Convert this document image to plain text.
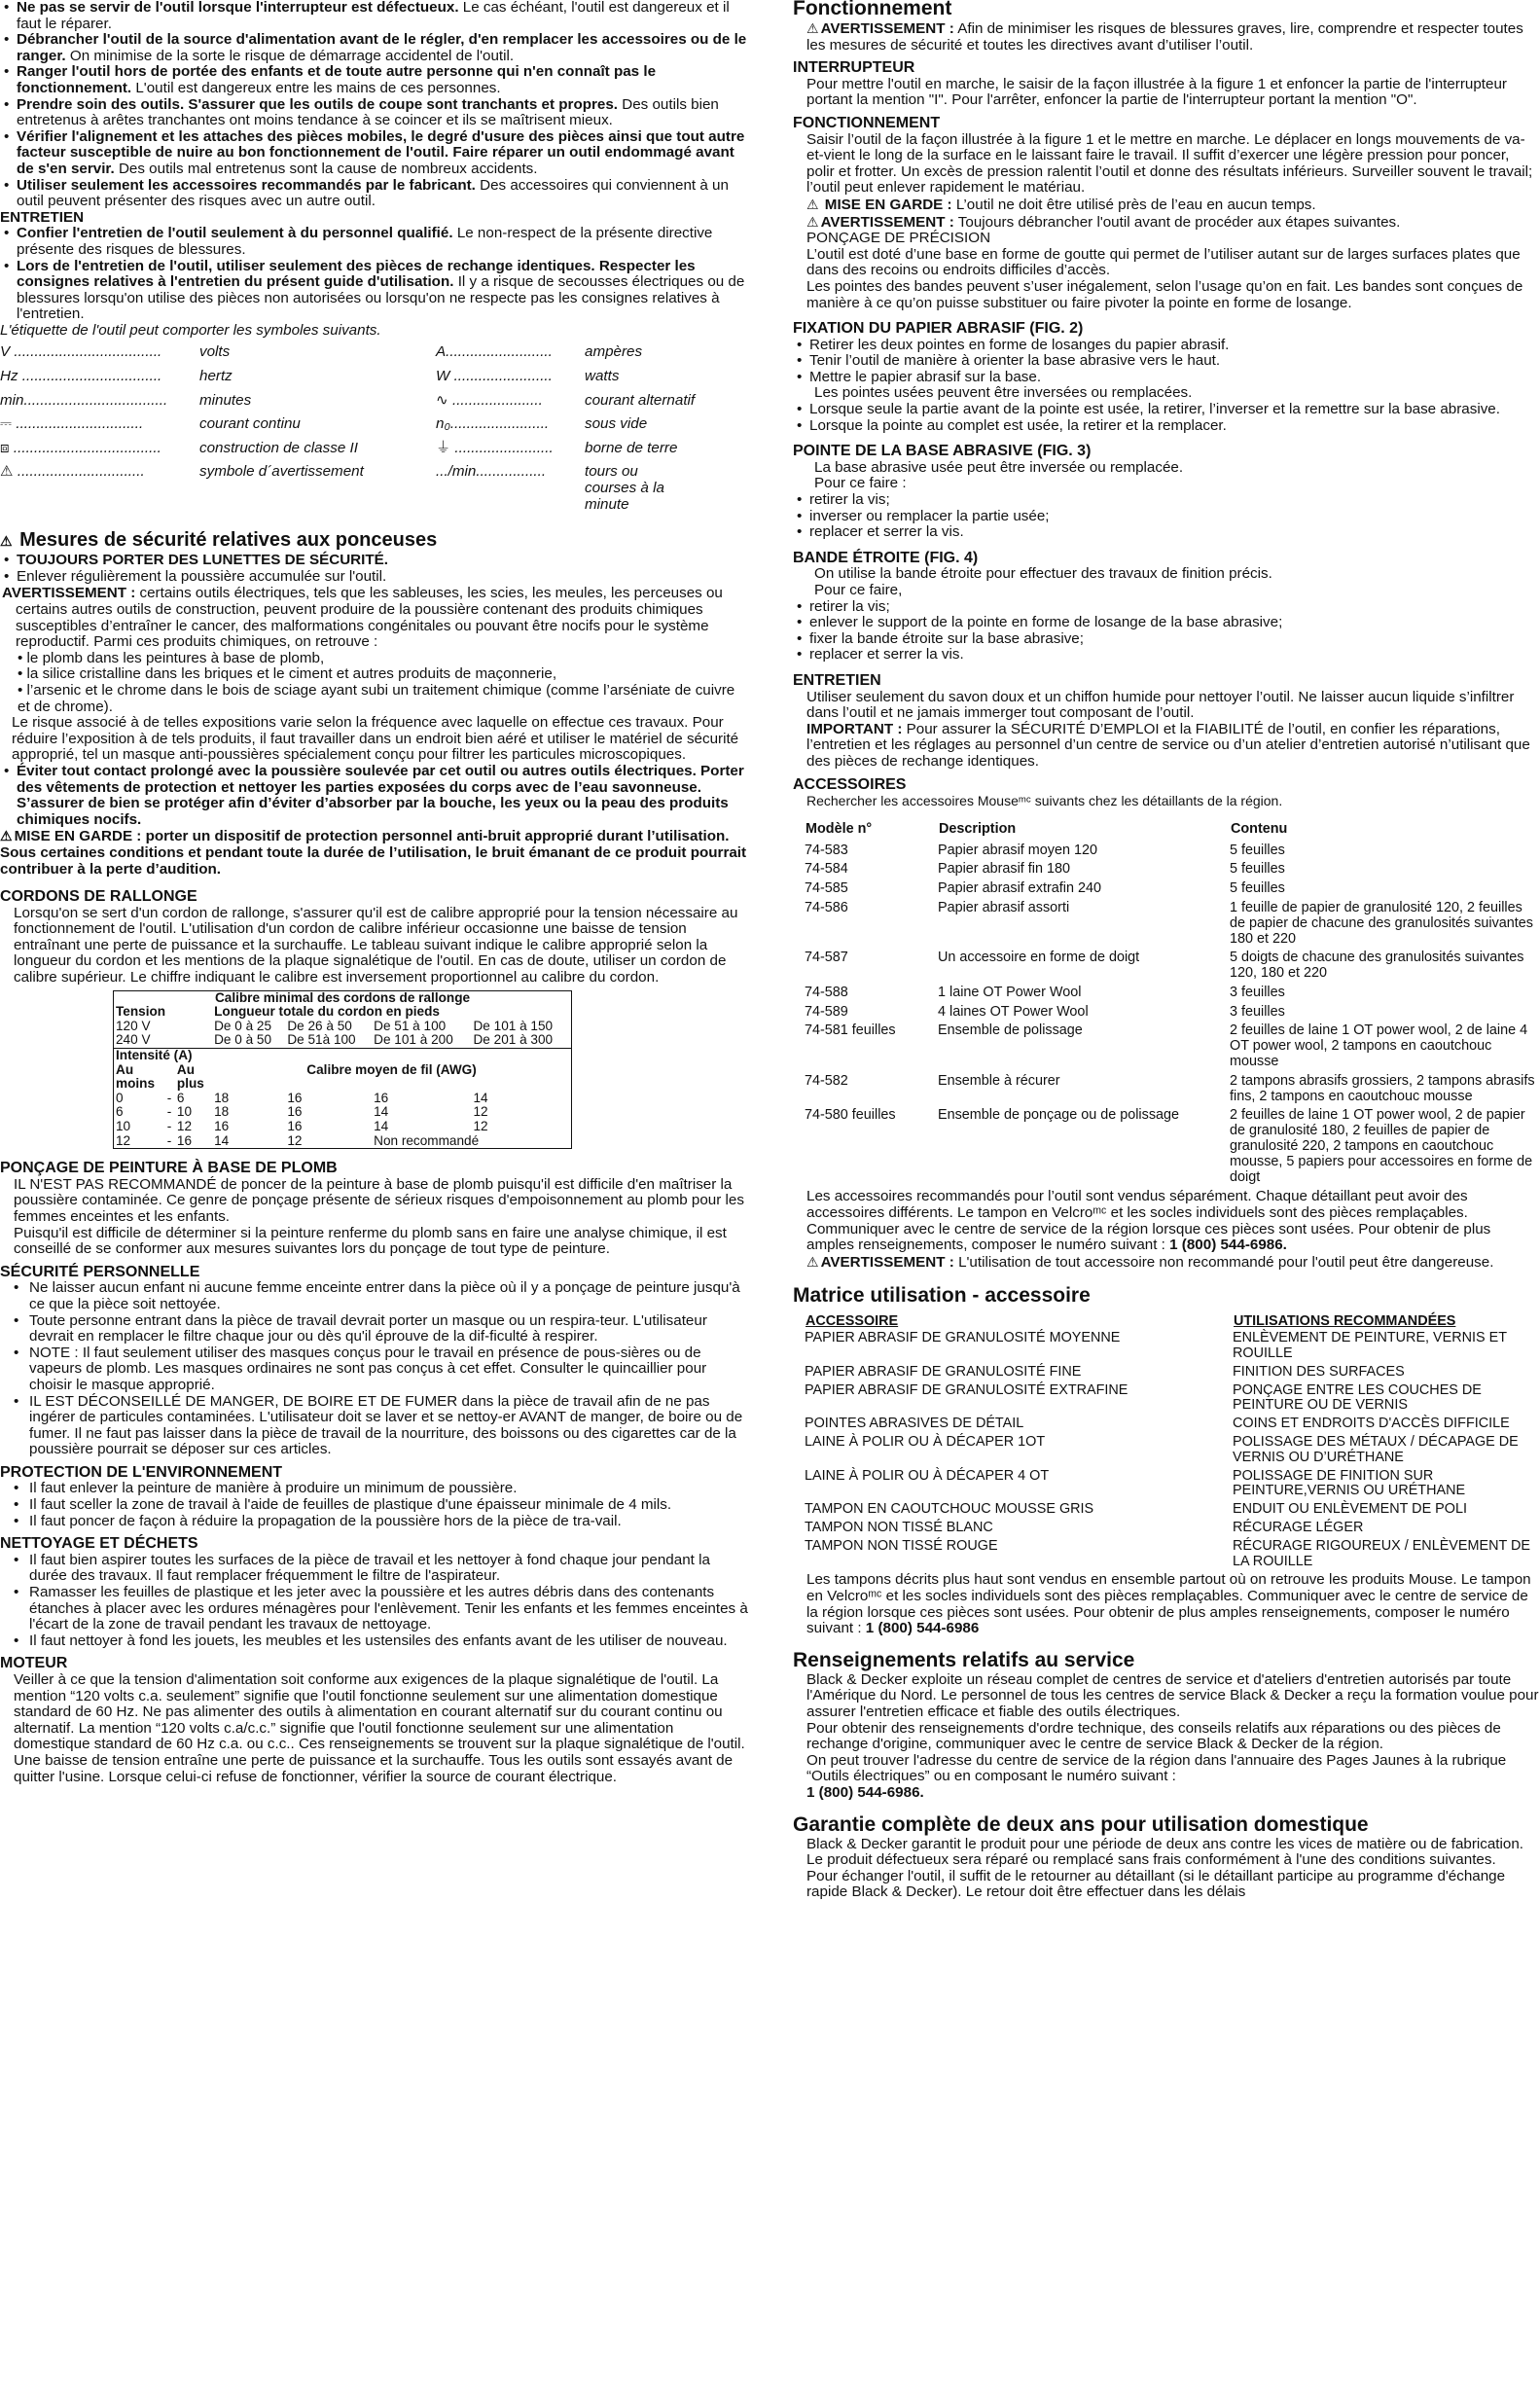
• Ne pas se servir de l'outil lorsque l'interrupteur est défectueux. Le cas échéant, l'outil est dangereux et il faut le réparer.

• Débrancher l'outil de la source d'alimentation avant de le régler, d'en remplacer les accessoires ou de le ranger. On minimise de la sorte le risque de démarrage accidentel de l'outil.

• Ranger l'outil hors de portée des enfants et de toute autre personne qui n'en connaît pas le fonctionnement. L'outil est dangereux entre les mains de ces personnes.

• Prendre soin des outils. S'assurer que les outils de coupe sont tranchants et propres. Des outils bien entretenus à arêtes tranchantes ont moins tendance à se coincer et ils se maîtrisent mieux.

• Vérifier l'alignement et les attaches des pièces mobiles, le degré d'usure des pièces ainsi que tout autre facteur susceptible de nuire au bon fonctionnement de l'outil. Faire réparer un outil endommagé avant de s'en servir. Des outils mal entretenus sont la cause de nombreux accidents.

• Utiliser seulement les accessoires recommandés par le fabricant. Des accessoires qui conviennent à un outil peuvent présenter des risques avec un autre outil.

ENTRETIEN

• Confier l'entretien de l'outil seulement à du personnel qualifié. Le non-respect de la présente directive présente des risques de blessures.

• Lors de l'entretien de l'outil, utiliser seulement des pièces de rechange identiques. Respecter les consignes relatives à l'entretien du présent guide d'utilisation. Il y a risque de secousses électriques ou de blessures lorsqu'on utilise des pièces non autorisées ou lorsqu'on ne respecte pas les consignes relatives à l'entretien.

L'étiquette de l'outil peut comporter les symboles suivants.

V ....................................	volts	A..........................	ampères
Hz ..................................	hertz	W ........................	watts
min...................................	minutes	∿ ......................	courant alternatif
⎓ ...............................	courant continu	n₀........................	sous vide
⧈ ....................................	construction de classe II	⏚ ........................	borne de terre
⚠ ...............................	symbole d´avertissement	.../min.................	tours ou courses à la minute

⚠ Mesures de sécurité relatives aux ponceuses

• TOUJOURS PORTER DES LUNETTES DE SÉCURITÉ.

• Enlever régulièrement la poussière accumulée sur l'outil.

AVERTISSEMENT : certains outils électriques, tels que les sableuses, les scies, les meules, les perceuses ou certains autres outils de construction, peuvent produire de la poussière contenant des produits chimiques susceptibles d’entraîner le cancer, des malformations congénitales ou pouvant être nocifs pour le système reproductif. Parmi ces produits chimiques, on retrouve :

• le plomb dans les peintures à base de plomb,

• la silice cristalline dans les briques et le ciment et autres produits de maçonnerie,

• l’arsenic et le chrome dans le bois de sciage ayant subi un traitement chimique (comme l’arséniate de cuivre et de chrome).

Le risque associé à de telles expositions varie selon la fréquence avec laquelle on effectue ces travaux. Pour réduire l’exposition à de tels produits, il faut travailler dans un endroit bien aéré et utiliser le matériel de sécurité approprié, tel un masque anti-poussières spécialement conçu pour filtrer les particules microscopiques.

• Éviter tout contact prolongé avec la poussière soulevée par cet outil ou autres outils électriques. Porter des vêtements de protection et nettoyer les parties exposées du corps avec de l’eau savonneuse. S’assurer de bien se protéger afin d’éviter d’absorber par la bouche, les yeux ou la peau des produits chimiques nocifs.

⚠ MISE EN GARDE : porter un dispositif de protection personnel anti-bruit approprié durant l’utilisation. Sous certaines conditions et pendant toute la durée de l’utilisation, le bruit émanant de ce produit pourrait contribuer à la perte d’audition.

CORDONS DE RALLONGE

Lorsqu'on se sert d'un cordon de rallonge, s'assurer qu'il est de calibre approprié pour la tension nécessaire au fonctionnement de l'outil. L'utilisation d'un cordon de calibre inférieur occasionne une baisse de tension entraînant une perte de puissance et la surchauffe. Le tableau suivant indique le calibre approprié selon la longueur du cordon et les mentions de la plaque signalétique de l'outil. En cas de doute, utiliser un cordon de calibre supérieur. Le chiffre indiquant le calibre est inversement proportionnel au calibre du cordon.

Calibre minimal des cordons de rallonge						
Tension			Longueur totale du cordon en pieds			
120 V			De 0 à 25	De 26 à 50	De 51 à 100	De 101 à 150
240 V			De 0 à 50	De 51à 100	De 101 à 200	De 201 à 300
Intensité (A)						
Au		Au	Calibre moyen de fil (AWG)			
moins		plus				
0	-	6	18	16	16	14
6	-	10	18	16	14	12
10	-	12	16	16	14	12
12	-	16	14	12	Non recommandé	

PONÇAGE DE PEINTURE À BASE DE PLOMB

IL N'EST PAS RECOMMANDÉ de poncer de la peinture à base de plomb puisqu'il est difficile d'en maîtriser la poussière contaminée. Ce genre de ponçage présente de sérieux risques d'empoisonnement au plomb pour les femmes enceintes et les enfants.

Puisqu'il est difficile de déterminer si la peinture renferme du plomb sans en faire une analyse chimique, il est conseillé de se conformer aux mesures suivantes lors du ponçage de tout type de peinture.

SÉCURITÉ PERSONNELLE

• Ne laisser aucun enfant ni aucune femme enceinte entrer dans la pièce où il y a ponçage de peinture jusqu'à ce que la pièce soit nettoyée.

• Toute personne entrant dans la pièce de travail devrait porter un masque ou un respira-teur. L'utilisateur devrait en remplacer le filtre chaque jour ou dès qu'il éprouve de la dif-ficulté à respirer.

• NOTE : Il faut seulement utiliser des masques conçus pour le travail en présence de pous-sières ou de vapeurs de plomb. Les masques ordinaires ne sont pas conçus à cet effet. Consulter le quincaillier pour choisir le masque approprié.

• IL EST DÉCONSEILLÉ DE MANGER, DE BOIRE ET DE FUMER dans la pièce de travail afin de ne pas ingérer de particules contaminées. L'utilisateur doit se laver et se nettoy-er AVANT de manger, de boire ou de fumer. Il ne faut pas laisser dans la pièce de travail de la nourriture, des boissons ou des cigarettes car de la poussière pourrait se déposer sur ces articles.

PROTECTION DE L'ENVIRONNEMENT

• Il faut enlever la peinture de manière à produire un minimum de poussière.

• Il faut sceller la zone de travail à l'aide de feuilles de plastique d'une épaisseur minimale de 4 mils.

• Il faut poncer de façon à réduire la propagation de la poussière hors de la pièce de tra-vail.

NETTOYAGE ET DÉCHETS

• Il faut bien aspirer toutes les surfaces de la pièce de travail et les nettoyer à fond chaque jour pendant la durée des travaux. Il faut remplacer fréquemment le filtre de l'aspirateur.

• Ramasser les feuilles de plastique et les jeter avec la poussière et les autres débris dans des contenants étanches à placer avec les ordures ménagères pour l'enlèvement. Tenir les enfants et les femmes enceintes à l'écart de la zone de travail pendant les travaux de nettoyage.

• Il faut nettoyer à fond les jouets, les meubles et les ustensiles des enfants avant de les utiliser de nouveau.

MOTEUR

Veiller à ce que la tension d'alimentation soit conforme aux exigences de la plaque signalétique de l'outil. La mention “120 volts c.a. seulement” signifie que l'outil fonctionne seulement sur une alimentation domestique standard de 60 Hz. Ne pas alimenter des outils à alimentation en courant alternatif sur du courant continu ou alternatif. La mention “120 volts c.a/c.c.” signifie que l'outil fonctionne seulement sur une alimentation domestique standard de 60 Hz c.a. ou c.c.. Ces renseignements se trouvent sur la plaque signalétique de l'outil. Une baisse de tension entraîne une perte de puissance et la surchauffe. Tous les outils sont essayés avant de quitter l'usine. Lorsque celui-ci refuse de fonctionner, vérifier la source de courant électrique.

Fonctionnement

⚠ AVERTISSEMENT : Afin de minimiser les risques de blessures graves, lire, comprendre et respecter toutes les mesures de sécurité et toutes les directives avant d’utiliser l’outil.

INTERRUPTEUR

Pour mettre l'outil en marche, le saisir de la façon illustrée à la figure 1 et enfoncer la partie de l'interrupteur portant la mention "I". Pour l'arrêter, enfoncer la partie de l'interrupteur portant la mention "O".

FONCTIONNEMENT

Saisir l’outil de la façon illustrée à la figure 1 et le mettre en marche. Le déplacer en longs mouvements de va-et-vient le long de la surface en le laissant faire le travail. Il suffit d’exercer une légère pression pour poncer, polir et frotter. Un excès de pression ralentit l’outil et donne des résultats inférieurs. Surveiller souvent le travail; l’outil peut enlever rapidement le matériau.

⚠ MISE EN GARDE : L’outil ne doit être utilisé près de l’eau en aucun temps.

⚠ AVERTISSEMENT : Toujours débrancher l'outil avant de procéder aux étapes suivantes.

PONÇAGE DE PRÉCISION

L’outil est doté d’une base en forme de goutte qui permet de l’utiliser autant sur de larges surfaces plates que dans des recoins ou endroits difficiles d’accès.

Les pointes des bandes peuvent s’user inégalement, selon l’usage qu’on en fait. Les bandes sont conçues de manière à ce qu’on puisse substituer ou faire pivoter la pointe en forme de losange.

FIXATION DU PAPIER ABRASIF (FIG. 2)

• Retirer les deux pointes en forme de losanges du papier abrasif.

• Tenir l’outil de manière à orienter la base abrasive vers le haut.

• Mettre le papier abrasif sur la base.

Les pointes usées peuvent être inversées ou remplacées.

• Lorsque seule la partie avant de la pointe est usée, la retirer, l’inverser et la remettre sur la base abrasive.

• Lorsque la pointe au complet est usée, la retirer et la remplacer.

POINTE DE LA BASE ABRASIVE (FIG. 3)

La base abrasive usée peut être inversée ou remplacée.

Pour ce faire :

• retirer la vis;

• inverser ou remplacer la partie usée;

• replacer et serrer la vis.

BANDE ÉTROITE (FIG. 4)

On utilise la bande étroite pour effectuer des travaux de finition précis.

Pour ce faire,

• retirer la vis;

• enlever le support de la pointe en forme de losange de la base abrasive;

• fixer la bande étroite sur la base abrasive;

• replacer et serrer la vis.

ENTRETIEN

Utiliser seulement du savon doux et un chiffon humide pour nettoyer l’outil. Ne laisser aucun liquide s’infiltrer dans l’outil et ne jamais immerger tout composant de l’outil.

IMPORTANT : Pour assurer la SÉCURITÉ D’EMPLOI et la FIABILITÉ de l’outil, en confier les réparations, l’entretien et les réglages au personnel d’un centre de service ou d’un atelier d’entretien autorisé n’utilisant que des pièces de rechange identiques.

ACCESSOIRES

Rechercher les accessoires Mouseᵐᶜ suivants chez les détaillants de la région.

Modèle n°	Description	Contenu
74-583	Papier abrasif moyen 120	5 feuilles
74-584	Papier abrasif fin 180	5 feuilles
74-585	Papier abrasif extrafin 240	5 feuilles
74-586	Papier abrasif assorti	1 feuille de papier de granulosité 120, 2 feuilles de papier de chacune des granulosités suivantes 180 et 220
74-587	Un accessoire en forme de doigt	5 doigts de chacune des granulosités suivantes 120, 180 et 220
74-588	1 laine OT Power Wool	3 feuilles
74-589	4 laines OT Power Wool	3 feuilles
74-581 feuilles	Ensemble de polissage	2 feuilles de laine 1 OT power wool, 2 de laine 4 OT power wool, 2 tampons en caoutchouc mousse
74-582	Ensemble à récurer	2 tampons abrasifs grossiers, 2 tampons abrasifs fins, 2 tampons en caoutchouc mousse
74-580 feuilles	Ensemble de ponçage ou de polissage	2 feuilles de laine 1 OT power wool, 2 de papier de granulosité 180, 2 feuilles de papier de granulosité 220, 2 tampons en caoutchouc mousse, 5 papiers pour accessoires en forme de doigt

Les accessoires recommandés pour l’outil sont vendus séparément. Chaque détaillant peut avoir des accessoires différents. Le tampon en Velcroᵐᶜ et les socles individuels sont des pièces remplaçables. Communiquer avec le centre de service de la région lorsque ces pièces sont usées. Pour obtenir de plus amples renseignements, composer le numéro suivant : 1 (800) 544-6986.

⚠ AVERTISSEMENT : L'utilisation de tout accessoire non recommandé pour l'outil peut être dangereuse.

Matrice utilisation - accessoire

ACCESSOIRE	UTILISATIONS RECOMMANDÉES
PAPIER ABRASIF DE GRANULOSITÉ MOYENNE	ENLÈVEMENT DE PEINTURE, VERNIS ET ROUILLE
PAPIER ABRASIF DE GRANULOSITÉ FINE	FINITION DES SURFACES
PAPIER ABRASIF DE GRANULOSITÉ EXTRAFINE	PONÇAGE ENTRE LES COUCHES DE PEINTURE OU DE VERNIS
POINTES ABRASIVES DE DÉTAIL	COINS ET ENDROITS D'ACCÈS DIFFICILE
LAINE À POLIR OU À DÉCAPER 1OT	POLISSAGE DES MÉTAUX / DÉCAPAGE DE VERNIS OU D’URÉTHANE
LAINE À POLIR OU À DÉCAPER 4 OT	POLISSAGE DE FINITION SUR PEINTURE,VERNIS OU URÉTHANE
TAMPON EN CAOUTCHOUC MOUSSE GRIS	ENDUIT OU ENLÈVEMENT DE POLI
TAMPON NON TISSÉ BLANC	RÉCURAGE LÉGER
TAMPON NON TISSÉ ROUGE	RÉCURAGE RIGOUREUX / ENLÈVEMENT DE LA ROUILLE

Les tampons décrits plus haut sont vendus en ensemble partout où on retrouve les produits Mouse. Le tampon en Velcroᵐᶜ et les socles individuels sont des pièces remplaçables. Communiquer avec le centre de service de la région lorsque ces pièces sont usées. Pour obtenir de plus amples renseignements, composer le numéro suivant : 1 (800) 544-6986

Renseignements relatifs au service

Black & Decker exploite un réseau complet de centres de service et d'ateliers d'entretien autorisés par toute l'Amérique du Nord. Le personnel de tous les centres de service Black & Decker a reçu la formation voulue pour assurer l'entretien efficace et fiable des outils électriques.

Pour obtenir des renseignements d'ordre technique, des conseils relatifs aux réparations ou des pièces de rechange d'origine, communiquer avec le centre de service Black & Decker de la région.

On peut trouver l'adresse du centre de service de la région dans l'annuaire des Pages Jaunes à la rubrique “Outils électriques” ou en composant le numéro suivant :

1 (800) 544-6986.

Garantie complète de deux ans pour utilisation domestique

Black & Decker garantit le produit pour une période de deux ans contre les vices de matière ou de fabrication. Le produit défectueux sera réparé ou remplacé sans frais conformément à l'une des conditions suivantes.

Pour échanger l'outil, il suffit de le retourner au détaillant (si le détaillant participe au programme d'échange rapide Black & Decker). Le retour doit être effectuer dans les délais
